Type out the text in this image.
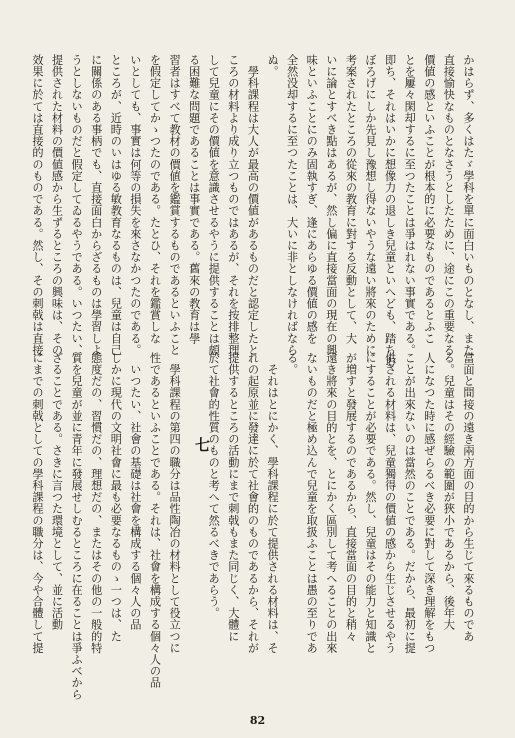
かはらず、多くはたゞ學科を單に面白いものとなし、また
直接愉快なものとなさうとしたために、途にこの重要なる
價値の感といふことが根本的に必要なものであるとふこ
とを屢々閑却するに至つたことは爭はれない事實である。
即ち、それはいかに想像力の退しき兒童といへども、踏ちお
ぼろげにしか先見し豫想し得ないやうな遠い將來のために
考案されたところの從來の教育に對する反動として、大
いに論とすべき點はあるが、然し偏に直接當面の現在の興
味といふことにのみ固執すぎ、逢にあらゆる價値の感を
全然没却するに至つたことは、大いに非としなければなら
ぬ。
　學科課程は大人が最高の價値があるものだと認定したと
ころの材料より成り立つものではあるが、それを按排整理
して兒童にその價値を意識させるやうに提供することは頗
る困難な問題であることは事實である。舊來の教育は學
習者はすべて教材の價値を鑑賞するものであるといふこと
を假定してかゝつたのである。たとひ、それを鑑賞しな
いとしても、事實は何等の損失を來さなかつたのである。
ところが、近時のいはゆる敏教育なるものは、兒童は自己
に關係のある事柄でも、直接面白からざるものは學習しよ
うとしないものだと假定してゐるやうである。いつたい、
提供された材料の價値感から生ずるところの興味は、その
效果に於ては直接的のものである。然し、その刺戟は直接
當面と間接の遠き兩方面の目的から生じて來るものであ
る。兒童はその經驗の範圍が狹小であるから、後年大
人になつた時に感ぜらるべき必要に對して深き理解をもつ
ことが出來ないのは當然のことである。だから、最初に提
供される材料は、兒童獨得の價値の感から生じさせるやう
にすることが必要である。然し、兒童はその能力と知識と
が増すと發展するのであるから、直接當面の目的と稍々
遠き將來の目的とを、とにかく區別して考へることの出來
ないものだと極め込んで兒童を取扱ふことは愚の至りであ
る。
　それはとにかく、學科課程に於て提供される材料は、そ
れの起原並に發達に於て社會的のものであるから、それが
提供するところの活動にまで刺戟もまた同じく、大體に
於て社會的性質のものと考へて然るべきであらう。

　學科課程の第四の職分は品性陶冶の材料として役立つに
性であるといふことである。それは、社會を構成する個々人の品
　いつたい、社會の基礎は社會を構成する個々人の品
しかに現代の文明社會に最も必要なるものゝ一つは、た
態度だの、習慣だの、理想だの、またはその他の一般的特
質を兒童が並に青年に發展せしむるところに在ることは爭ふべから
ざることである。さきに言つた環境として、並に活動
にまでの刺戟としての學科課程の職分は、今や合體して提	七
82
